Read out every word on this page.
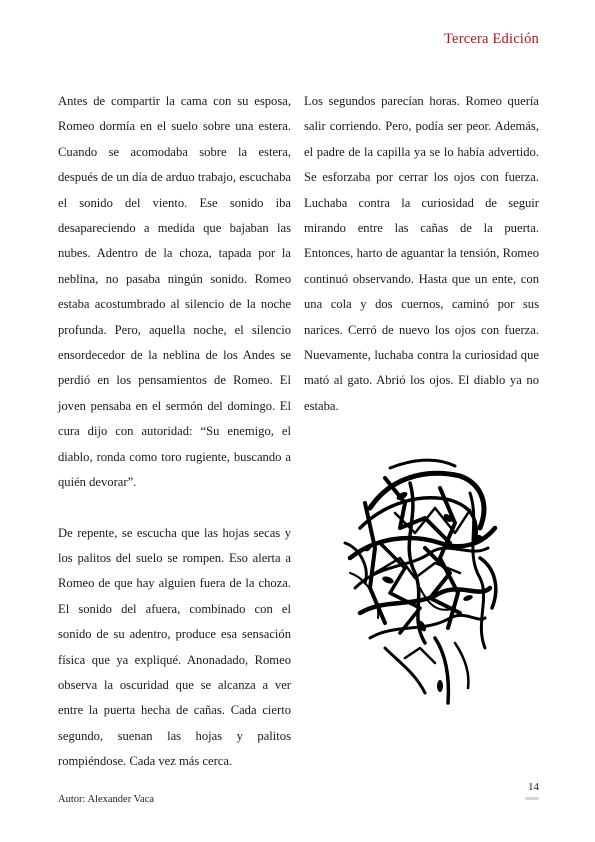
Tercera Edición

Antes de compartir la cama con su esposa, Romeo dormía en el suelo sobre una estera. Cuando se acomodaba sobre la estera, después de un día de arduo trabajo, escuchaba el sonido del viento. Ese sonido iba desapareciendo a medida que bajaban las nubes. Adentro de la choza, tapada por la neblina, no pasaba ningún sonido. Romeo estaba acostumbrado al silencio de la noche profunda. Pero, aquella noche, el silencio ensordecedor de la neblina de los Andes se perdió en los pensamientos de Romeo. El joven pensaba en el sermón del domingo. El cura dijo con autoridad: “Su enemigo, el diablo, ronda como toro rugiente, buscando a quién devorar”.

De repente, se escucha que las hojas secas y los palitos del suelo se rompen. Eso alerta a Romeo de que hay alguien fuera de la choza. El sonido del afuera, combinado con el sonido de su adentro, produce esa sensación física que ya expliqué. Anonadado, Romeo observa la oscuridad que se alcanza a ver entre la puerta hecha de cañas. Cada cierto segundo, suenan las hojas y palitos rompiéndose. Cada vez más cerca.

Los segundos parecían horas. Romeo quería salir corriendo. Pero, podía ser peor. Además, el padre de la capilla ya se lo había advertido. Se esforzaba por cerrar los ojos con fuerza. Luchaba contra la curiosidad de seguir mirando entre las cañas de la puerta. Entonces, harto de aguantar la tensión, Romeo continuó observando. Hasta que un ente, con una cola y dos cuernos, caminó por sus narices. Cerró de nuevo los ojos con fuerza. Nuevamente, luchaba contra la curiosidad que mató al gato. Abrió los ojos. El diablo ya no estaba.

Autor: Alexander Vaca
14
